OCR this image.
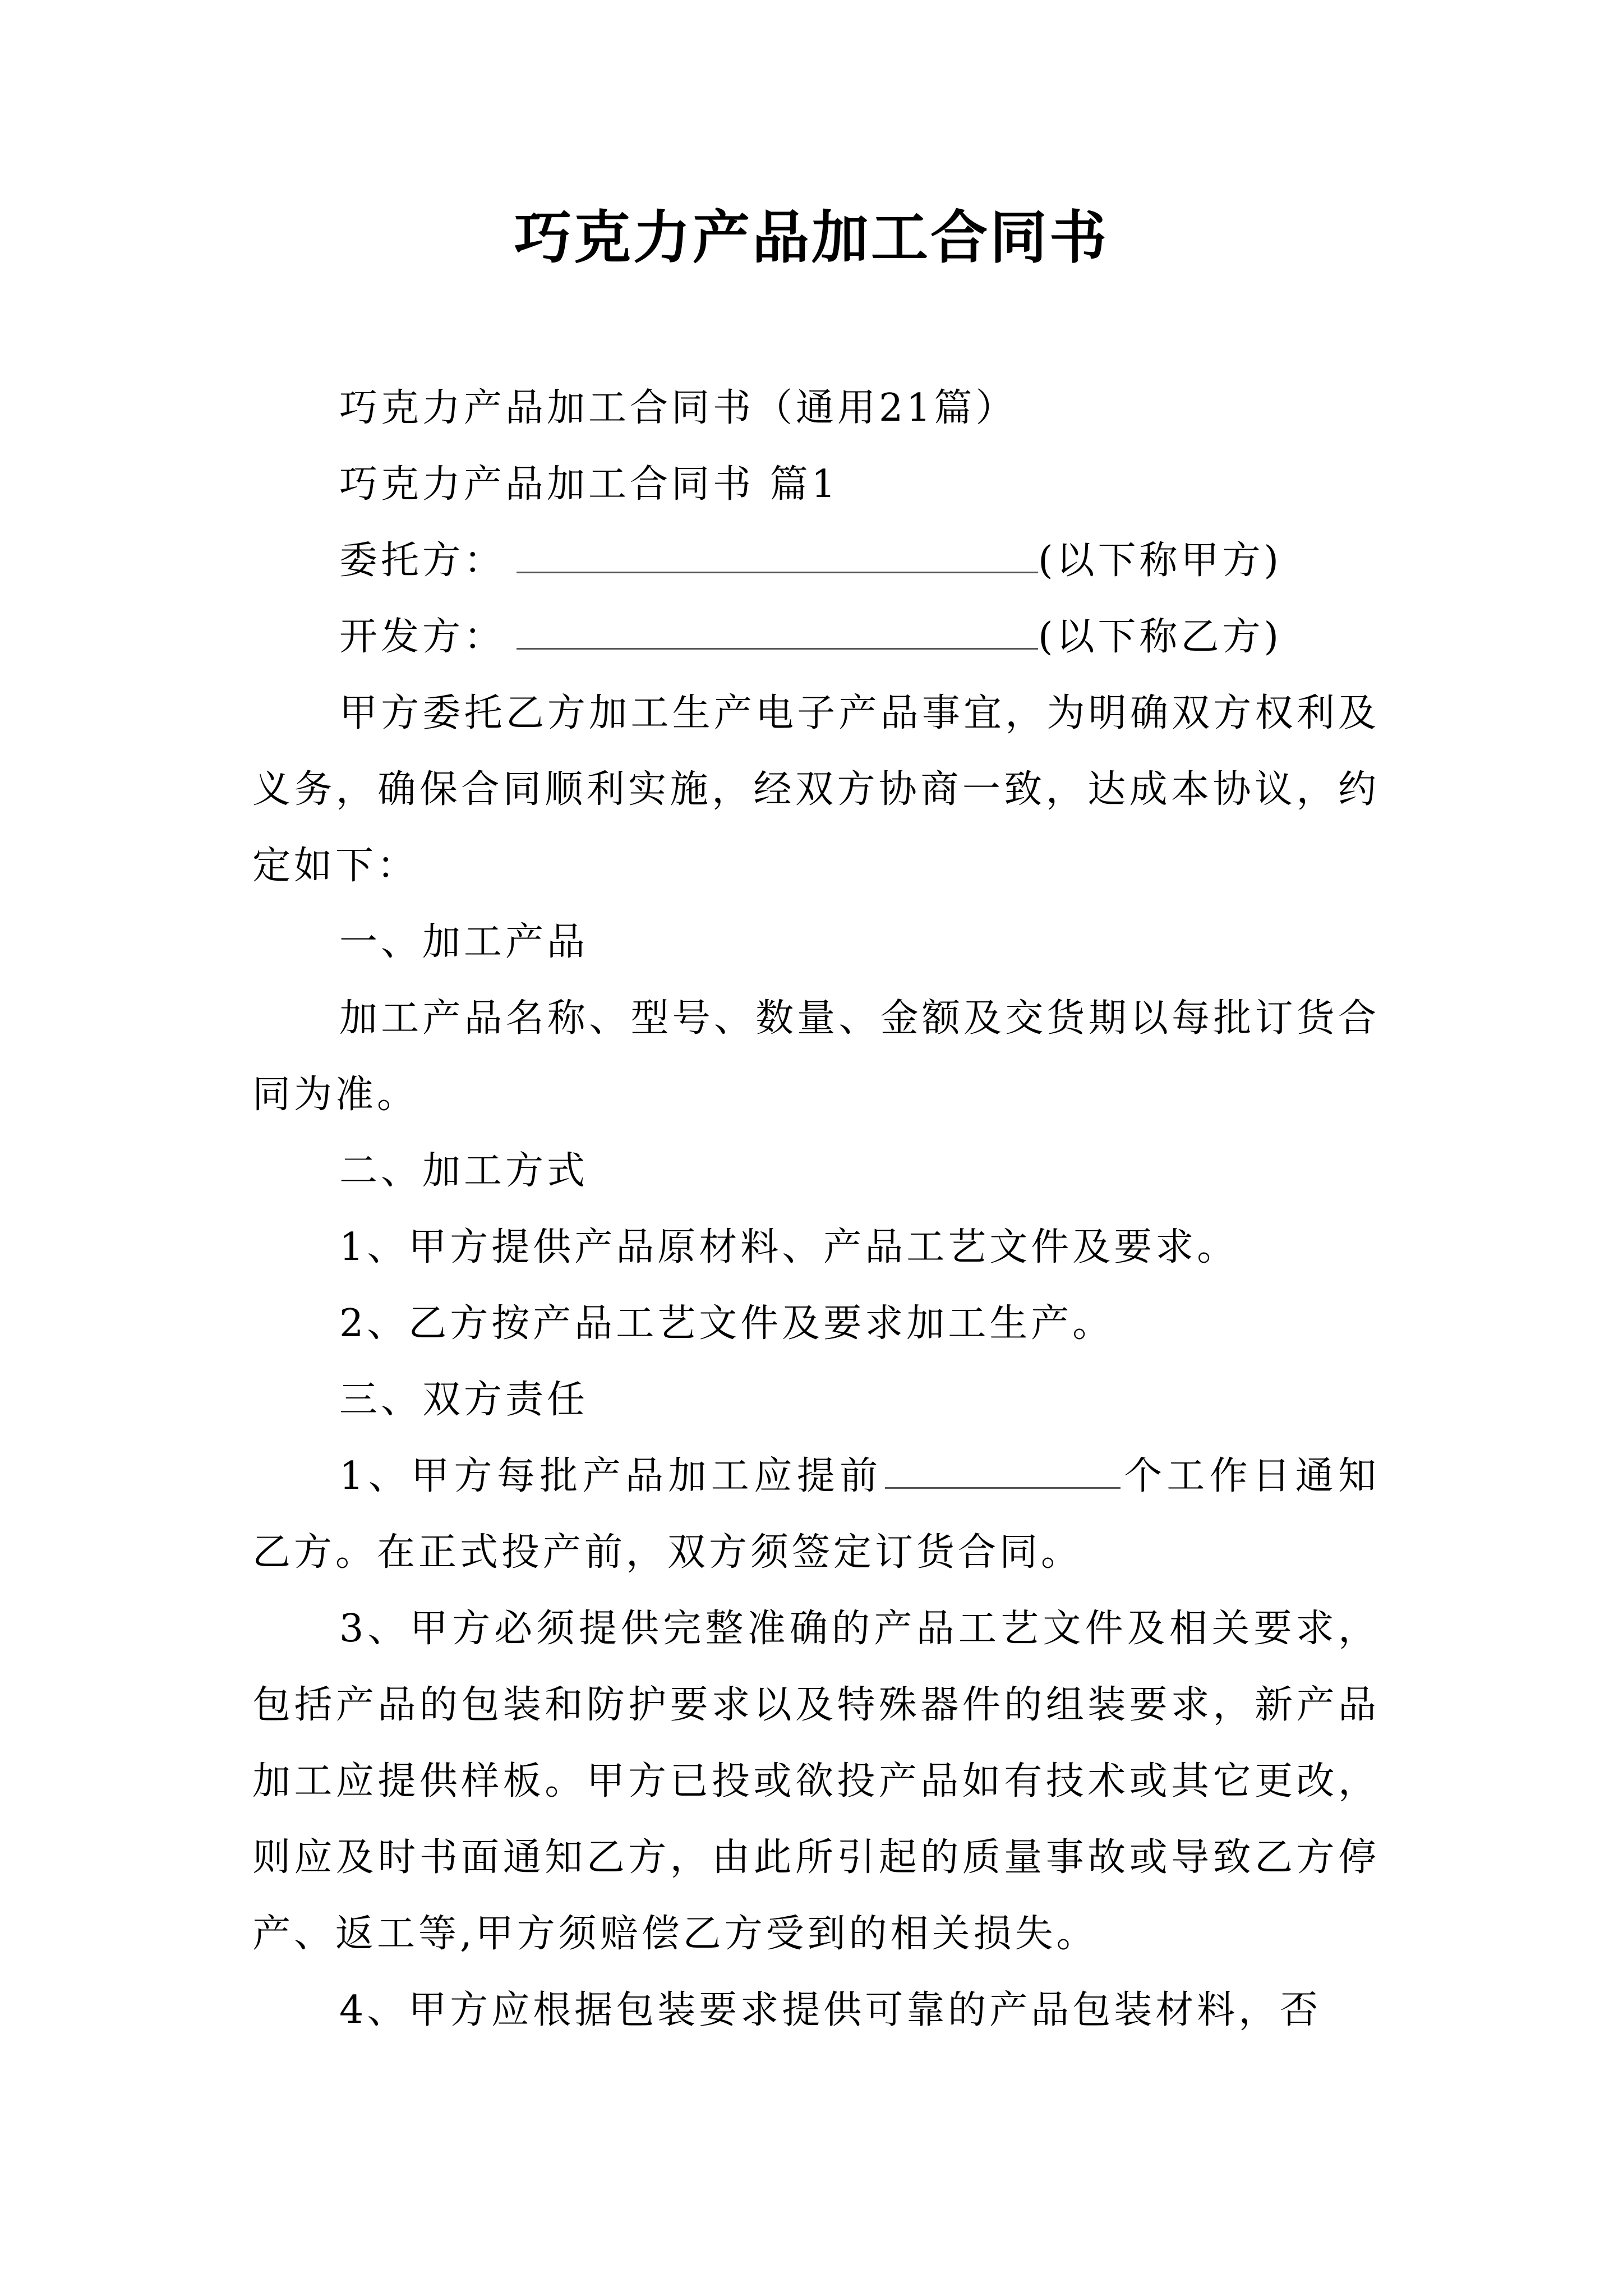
巧克力产品加工合同书

巧克力产品加工合同书（通用21篇）

巧克力产品加工合同书 篇1

委托方：	(以下称甲方)

开发方：	(以下称乙方)

甲方委托乙方加工生产电子产品事宜，为明确双方权利及义务，确保合同顺利实施，经双方协商一致，达成本协议，约定如下：

一、加工产品

加工产品名称、型号、数量、金额及交货期以每批订货合同为准。

二、加工方式

1、甲方提供产品原材料、产品工艺文件及要求。

2、乙方按产品工艺文件及要求加工生产。

三、双方责任

1、甲方每批产品加工应提前	个工作日通知乙方。在正式投产前，双方须签定订货合同。

3、甲方必须提供完整准确的产品工艺文件及相关要求，包括产品的包装和防护要求以及特殊器件的组装要求，新产品加工应提供样板。甲方已投或欲投产品如有技术或其它更改，则应及时书面通知乙方，由此所引起的质量事故或导致乙方停产、返工等,甲方须赔偿乙方受到的相关损失。

4、甲方应根据包装要求提供可靠的产品包装材料，否
